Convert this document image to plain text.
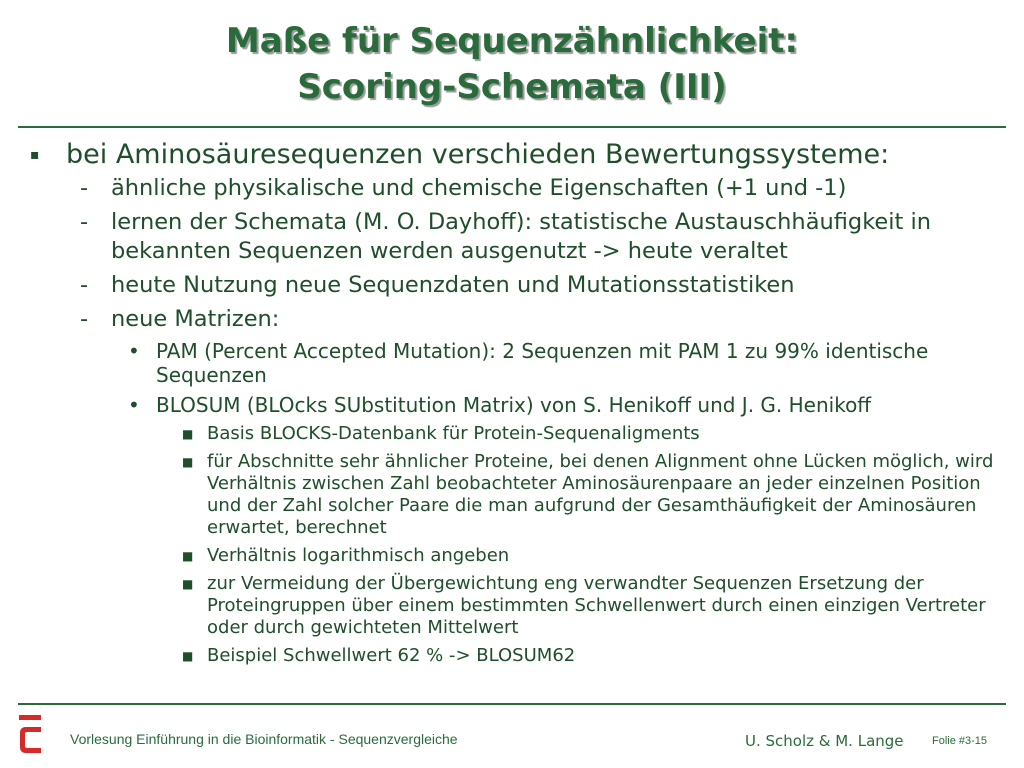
Maße für Sequenzähnlichkeit:
Scoring-Schemata (III)
▪ bei Aminosäuresequenzen verschieden Bewertungssysteme:
- ähnliche physikalische und chemische Eigenschaften (+1 und -1)
- lernen der Schemata (M. O. Dayhoff): statistische Austauschhäufigkeit in bekannten Sequenzen werden ausgenutzt -> heute veraltet
- heute Nutzung neue Sequenzdaten und Mutationsstatistiken
- neue Matrizen:
• PAM (Percent Accepted Mutation): 2 Sequenzen mit PAM 1 zu 99% identische Sequenzen
• BLOSUM (BLOcks SUbstitution Matrix) von S. Henikoff und J. G. Henikoff
■ Basis BLOCKS-Datenbank für Protein-Sequenaligments
■ für Abschnitte sehr ähnlicher Proteine, bei denen Alignment ohne Lücken möglich, wird Verhältnis zwischen Zahl beobachteter Aminosäurenpaare an jeder einzelnen Position und der Zahl solcher Paare die man aufgrund der Gesamthäufigkeit der Aminosäuren erwartet, berechnet
■ Verhältnis logarithmisch angeben
■ zur Vermeidung der Übergewichtung eng verwandter Sequenzen Ersetzung der Proteingruppen über einem bestimmten Schwellenwert durch einen einzigen Vertreter oder durch gewichteten Mittelwert
■ Beispiel Schwellwert 62 % -> BLOSUM62
Vorlesung Einführung in die Bioinformatik - Sequenzvergleiche	U. Scholz & M. Lange	Folie #3-15
